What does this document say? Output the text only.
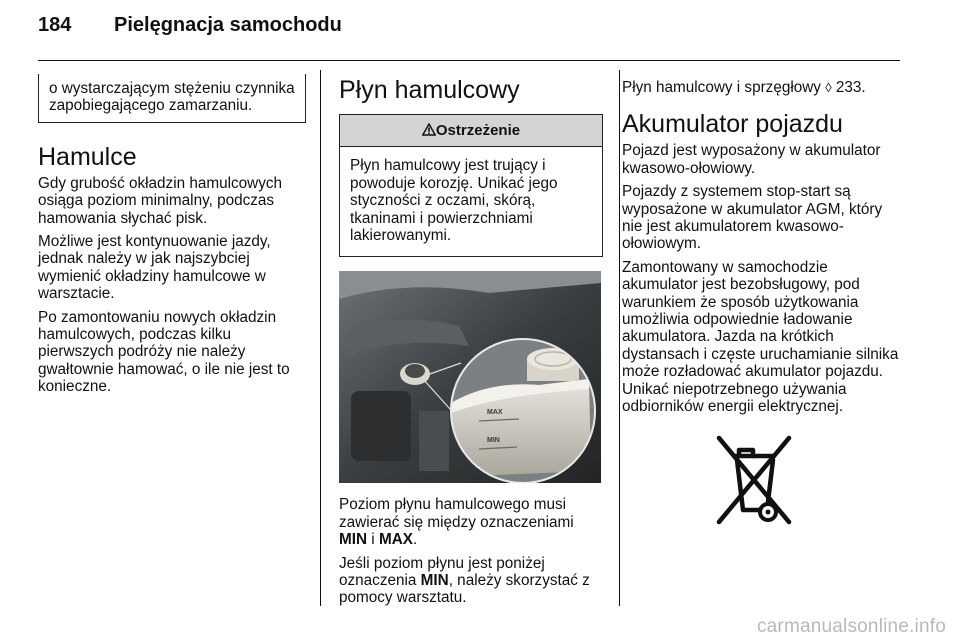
184 Pielęgnacja samochodu
o wystarczającym stężeniu czynnika zapobiegającego zamarzaniu.
Hamulce

Gdy grubość okładzin hamulcowych osiąga poziom minimalny, podczas hamowania słychać pisk.

Możliwe jest kontynuowanie jazdy, jednak należy w jak najszybciej wymienić okładziny hamulcowe w warsztacie.

Po zamontowaniu nowych okładzin hamulcowych, podczas kilku pierwszych podróży nie należy gwałtownie hamować, o ile nie jest to konieczne.

Płyn hamulcowy
Ostrzeżenie
Płyn hamulcowy jest trujący i powoduje korozję. Unikać jego styczności z oczami, skórą, tkaninami i powierzchniami lakierowanymi.
MAX
MIN

Poziom płynu hamulcowego musi zawierać się między oznaczeniami MIN i MAX.

Jeśli poziom płynu jest poniżej oznaczenia MIN, należy skorzystać z pomocy warsztatu.

Płyn hamulcowy i sprzęgłowy ◊ 233.

Akumulator pojazdu

Pojazd jest wyposażony w akumulator kwasowo-ołowiowy.

Pojazdy z systemem stop-start są wyposażone w akumulator AGM, który nie jest akumulatorem kwasowo-ołowiowym.

Zamontowany w samochodzie akumulator jest bezobsługowy, pod warunkiem że sposób użytkowania umożliwia odpowiednie ładowanie akumulatora. Jazda na krótkich dystansach i częste uruchamianie silnika może rozładować akumulator pojazdu. Unikać niepotrzebnego używania odbiorników energii elektrycznej.

carmanualsonline.info
